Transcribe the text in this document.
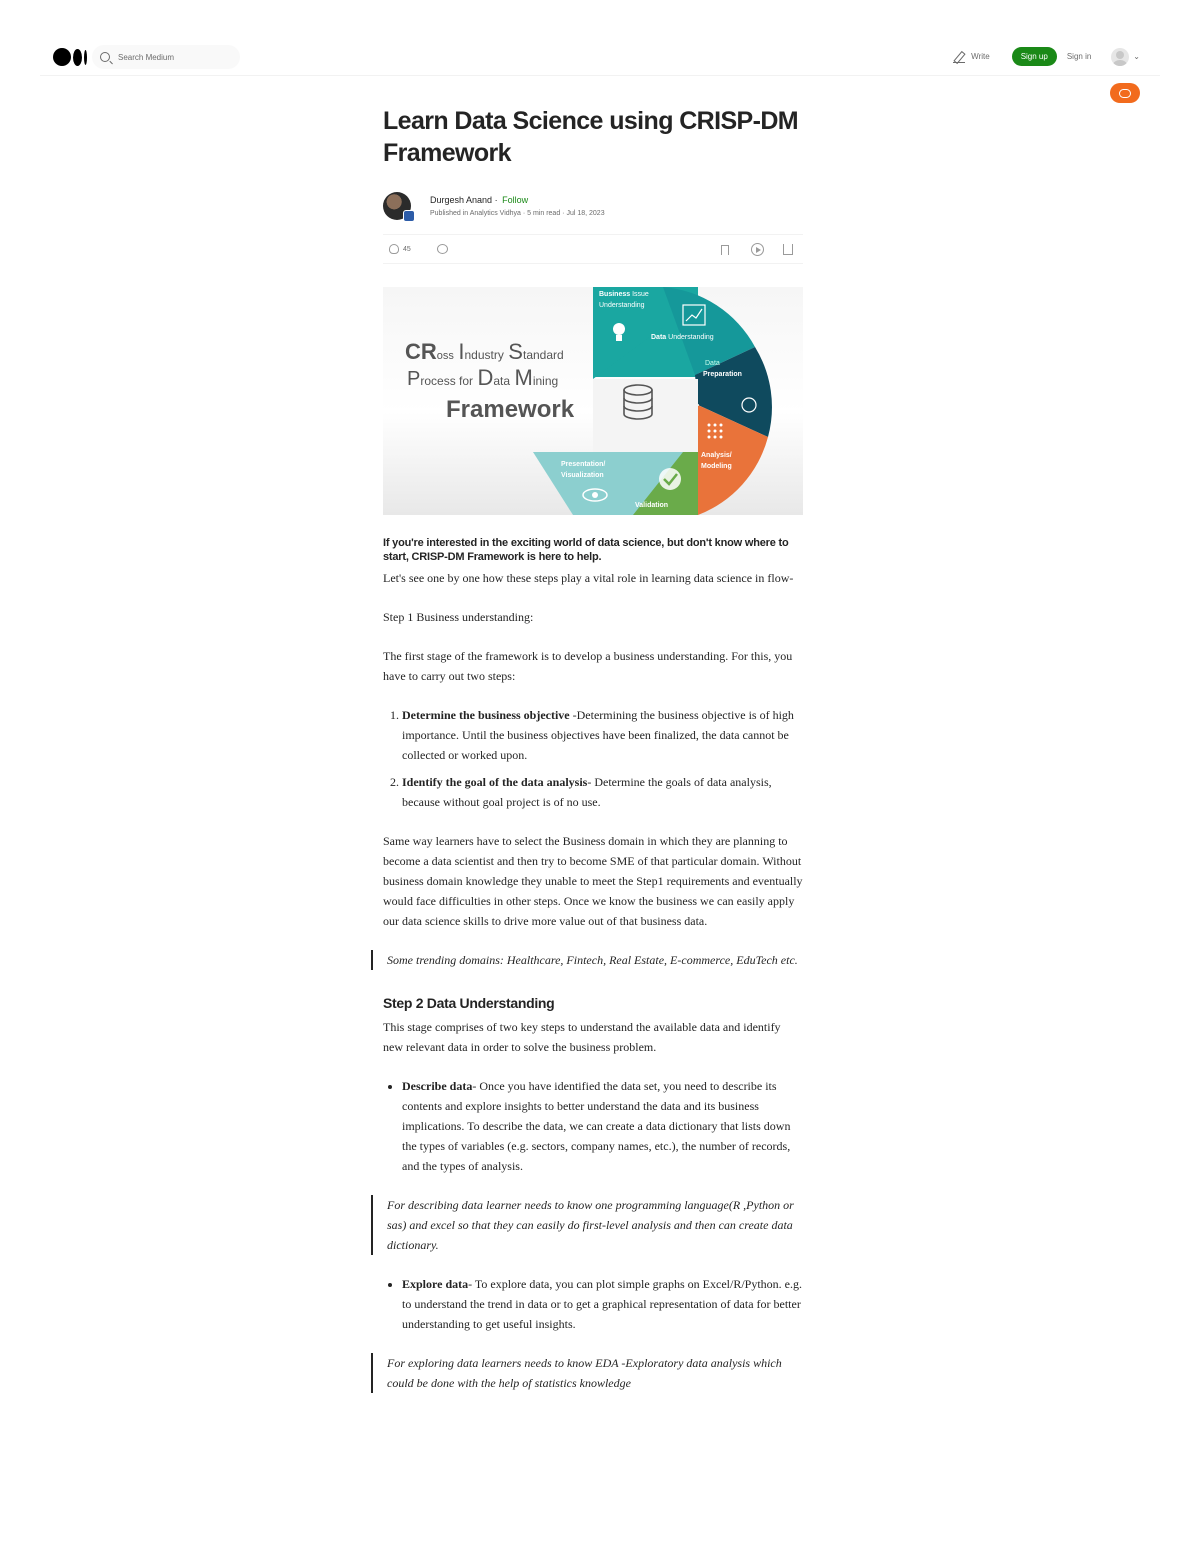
Search Medium
Write	Sign up	Sign in	⌄
Learn Data Science using CRISP-DM Framework
Durgesh Anand · Follow
Published in Analytics Vidhya · 5 min read · Jul 18, 2023
45
Business Issue
Understanding
Data Understanding
Data
Preparation
Analysis/
Modeling
Validation
Presentation/
Visualization
CRoss Industry Standard
Process for Data Mining
Framework
If you're interested in the exciting world of data science, but don't know where to start, CRISP-DM Framework is here to help.

Let's see one by one how these steps play a vital role in learning data science in flow-

Step 1 Business understanding:

The first stage of the framework is to develop a business understanding. For this, you have to carry out two steps:

1. Determine the business objective -Determining the business objective is of high importance. Until the business objectives have been finalized, the data cannot be collected or worked upon.
2. Identify the goal of the data analysis- Determine the goals of data analysis, because without goal project is of no use.

Same way learners have to select the Business domain in which they are planning to become a data scientist and then try to become SME of that particular domain. Without business domain knowledge they unable to meet the Step1 requirements and eventually would face difficulties in other steps. Once we know the business we can easily apply our data science skills to drive more value out of that business data.

Some trending domains: Healthcare, Fintech, Real Estate, E-commerce, EduTech etc.
Step 2 Data Understanding

This stage comprises of two key steps to understand the available data and identify new relevant data in order to solve the business problem.

• Describe data- Once you have identified the data set, you need to describe its contents and explore insights to better understand the data and its business implications. To describe the data, we can create a data dictionary that lists down the types of variables (e.g. sectors, company names, etc.), the number of records, and the types of analysis.
For describing data learner needs to know one programming language(R ,Python or sas) and excel so that they can easily do first-level analysis and then can create data dictionary.
• Explore data- To explore data, you can plot simple graphs on Excel/R/Python. e.g. to understand the trend in data or to get a graphical representation of data for better understanding to get useful insights.
For exploring data learners needs to know EDA -Exploratory data analysis which could be done with the help of statistics knowledge
